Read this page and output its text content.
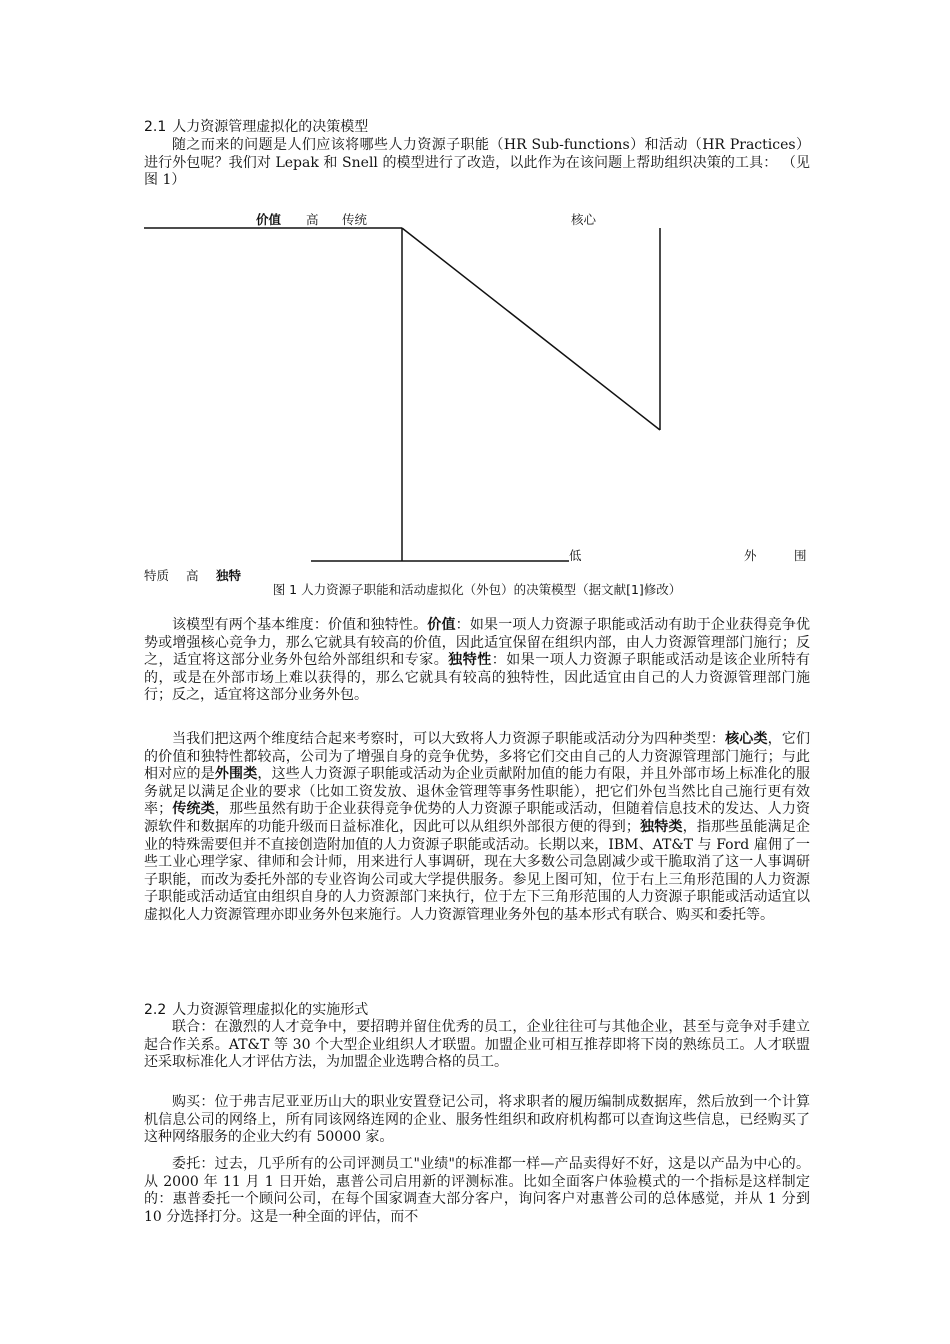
2.1 人力资源管理虚拟化的决策模型
随之而来的问题是人们应该将哪些人力资源子职能（HR Sub-functions）和活动（HR Practices）进行外包呢？我们对 Lepak 和 Snell 的模型进行了改造，以此作为在该问题上帮助组织决策的工具： （见图 1）
价值 高 传统	核心
低	外	围
特质 高 独特
图 1 人力资源子职能和活动虚拟化（外包）的决策模型（据文献[1]修改）
该模型有两个基本维度：价值和独特性。价值：如果一项人力资源子职能或活动有助于企业获得竞争优势或增强核心竞争力，那么它就具有较高的价值，因此适宜保留在组织内部，由人力资源管理部门施行；反之，适宜将这部分业务外包给外部组织和专家。独特性：如果一项人力资源子职能或活动是该企业所特有的，或是在外部市场上难以获得的，那么它就具有较高的独特性，因此适宜由自己的人力资源管理部门施行；反之，适宜将这部分业务外包。
当我们把这两个维度结合起来考察时，可以大致将人力资源子职能或活动分为四种类型：核心类，它们的价值和独特性都较高，公司为了增强自身的竞争优势，多将它们交由自己的人力资源管理部门施行；与此相对应的是外围类，这些人力资源子职能或活动为企业贡献附加值的能力有限，并且外部市场上标准化的服务就足以满足企业的要求（比如工资发放、退休金管理等事务性职能），把它们外包当然比自己施行更有效率；传统类，那些虽然有助于企业获得竞争优势的人力资源子职能或活动，但随着信息技术的发达、人力资源软件和数据库的功能升级而日益标准化，因此可以从组织外部很方便的得到；独特类，指那些虽能满足企业的特殊需要但并不直接创造附加值的人力资源子职能或活动。长期以来，IBM、AT&T 与 Ford 雇佣了一些工业心理学家、律师和会计师，用来进行人事调研，现在大多数公司急剧减少或干脆取消了这一人事调研子职能，而改为委托外部的专业咨询公司或大学提供服务。参见上图可知，位于右上三角形范围的人力资源子职能或活动适宜由组织自身的人力资源部门来执行，位于左下三角形范围的人力资源子职能或活动适宜以虚拟化人力资源管理亦即业务外包来施行。人力资源管理业务外包的基本形式有联合、购买和委托等。
2.2 人力资源管理虚拟化的实施形式
联合：在激烈的人才竞争中，要招聘并留住优秀的员工，企业往往可与其他企业，甚至与竞争对手建立起合作关系。AT&T 等 30 个大型企业组织人才联盟。加盟企业可相互推荐即将下岗的熟练员工。人才联盟还采取标准化人才评估方法，为加盟企业选聘合格的员工。
购买：位于弗吉尼亚亚历山大的职业安置登记公司，将求职者的履历编制成数据库，然后放到一个计算机信息公司的网络上，所有同该网络连网的企业、服务性组织和政府机构都可以查询这些信息，已经购买了这种网络服务的企业大约有 50000 家。
委托：过去，几乎所有的公司评测员工"业绩"的标准都一样—产品卖得好不好，这是以产品为中心的。从 2000 年 11 月 1 日开始，惠普公司启用新的评测标准。比如全面客户体验模式的一个指标是这样制定的：惠普委托一个顾问公司，在每个国家调查大部分客户，询问客户对惠普公司的总体感觉，并从 1 分到 10 分选择打分。这是一种全面的评估，而不
